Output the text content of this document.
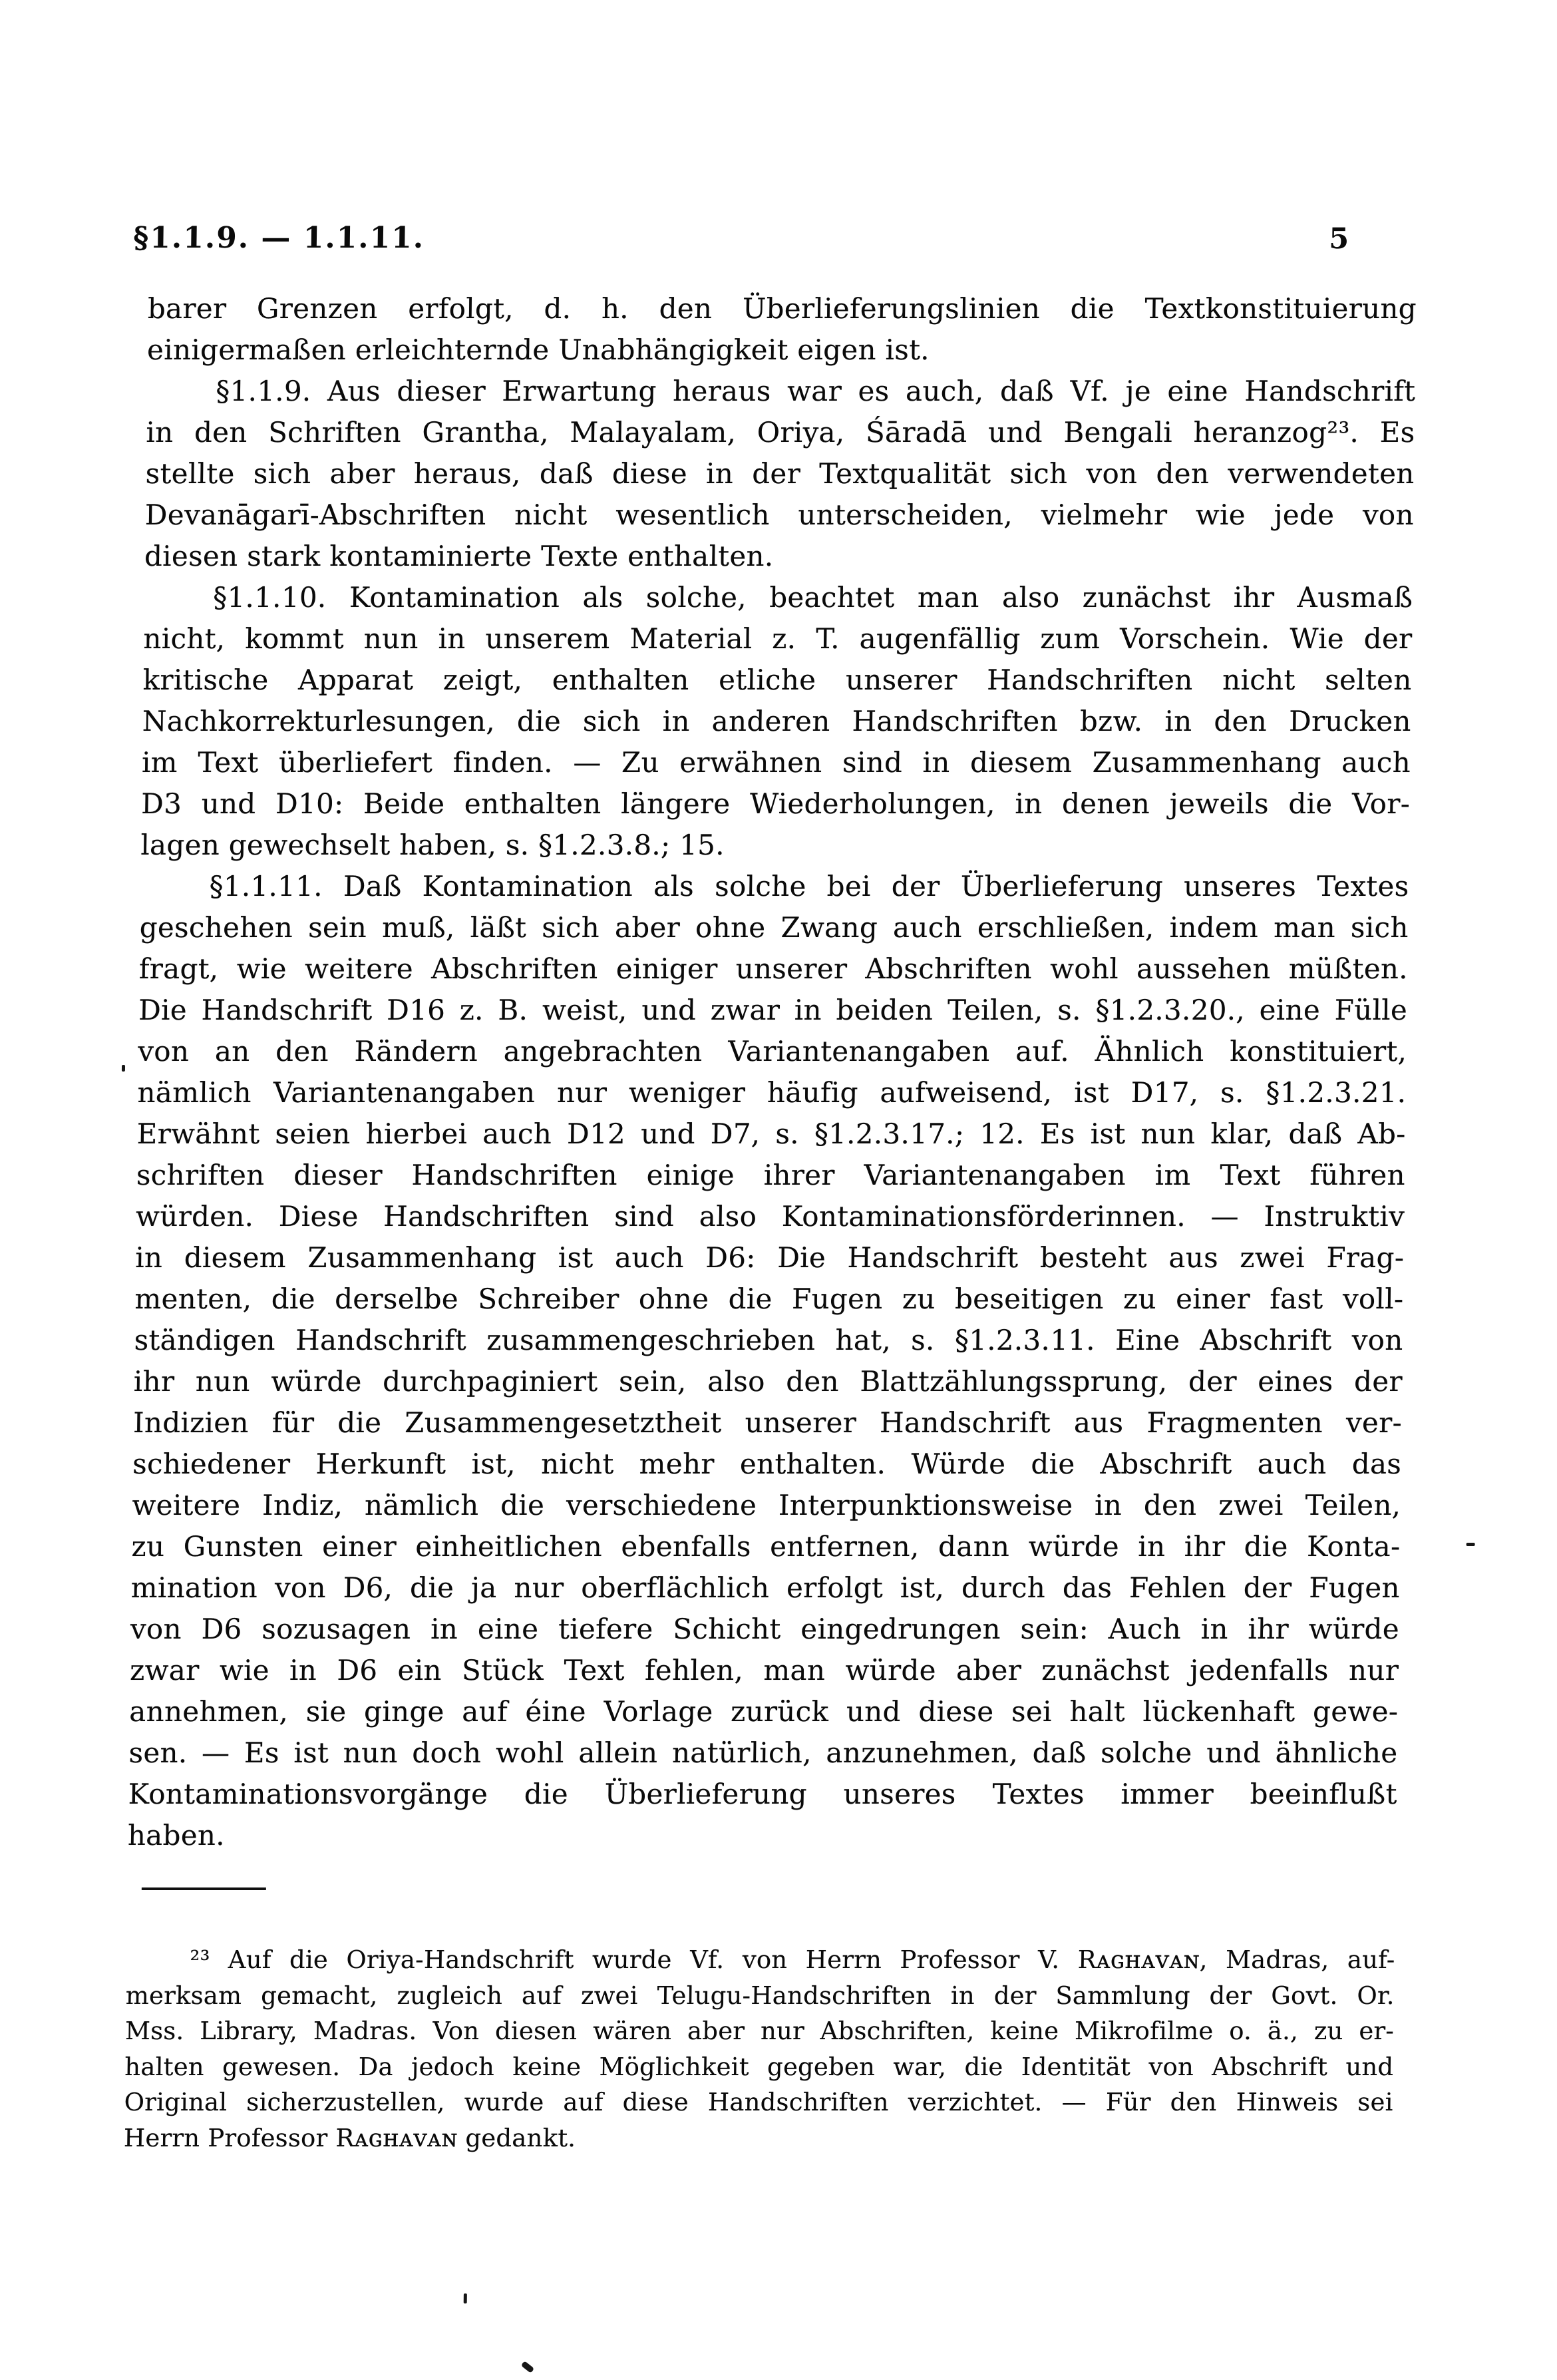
§1.1.9. — 1.1.11.	5
barer Grenzen erfolgt, d. h. den Überlieferungslinien die Textkonstituierung
einigermaßen erleichternde Unabhängigkeit eigen ist.
§1.1.9. Aus dieser Erwartung heraus war es auch, daß Vf. je eine Handschrift
in den Schriften Grantha, Malayalam, Oriya, Śāradā und Bengali heranzog²³. Es
stellte sich aber heraus, daß diese in der Textqualität sich von den verwendeten
Devanāgarī-Abschriften nicht wesentlich unterscheiden, vielmehr wie jede von
diesen stark kontaminierte Texte enthalten.
§1.1.10. Kontamination als solche, beachtet man also zunächst ihr Ausmaß
nicht, kommt nun in unserem Material z. T. augenfällig zum Vorschein. Wie der
kritische Apparat zeigt, enthalten etliche unserer Handschriften nicht selten
Nachkorrekturlesungen, die sich in anderen Handschriften bzw. in den Drucken
im Text überliefert finden. — Zu erwähnen sind in diesem Zusammenhang auch
D3 und D10: Beide enthalten längere Wiederholungen, in denen jeweils die Vor-
lagen gewechselt haben, s. §1.2.3.8.; 15.
§1.1.11. Daß Kontamination als solche bei der Überlieferung unseres Textes
geschehen sein muß, läßt sich aber ohne Zwang auch erschließen, indem man sich
fragt, wie weitere Abschriften einiger unserer Abschriften wohl aussehen müßten.
Die Handschrift D16 z. B. weist, und zwar in beiden Teilen, s. §1.2.3.20., eine Fülle
von an den Rändern angebrachten Variantenangaben auf. Ähnlich konstituiert,
nämlich Variantenangaben nur weniger häufig aufweisend, ist D17, s. §1.2.3.21.
Erwähnt seien hierbei auch D12 und D7, s. §1.2.3.17.; 12. Es ist nun klar, daß Ab-
schriften dieser Handschriften einige ihrer Variantenangaben im Text führen
würden. Diese Handschriften sind also Kontaminationsförderinnen. — Instruktiv
in diesem Zusammenhang ist auch D6: Die Handschrift besteht aus zwei Frag-
menten, die derselbe Schreiber ohne die Fugen zu beseitigen zu einer fast voll-
ständigen Handschrift zusammengeschrieben hat, s. §1.2.3.11. Eine Abschrift von
ihr nun würde durchpaginiert sein, also den Blattzählungssprung, der eines der
Indizien für die Zusammengesetztheit unserer Handschrift aus Fragmenten ver-
schiedener Herkunft ist, nicht mehr enthalten. Würde die Abschrift auch das
weitere Indiz, nämlich die verschiedene Interpunktionsweise in den zwei Teilen,
zu Gunsten einer einheitlichen ebenfalls entfernen, dann würde in ihr die Konta-
mination von D6, die ja nur oberflächlich erfolgt ist, durch das Fehlen der Fugen
von D6 sozusagen in eine tiefere Schicht eingedrungen sein: Auch in ihr würde
zwar wie in D6 ein Stück Text fehlen, man würde aber zunächst jedenfalls nur
annehmen, sie ginge auf éine Vorlage zurück und diese sei halt lückenhaft gewe-
sen. — Es ist nun doch wohl allein natürlich, anzunehmen, daß solche und ähnliche
Kontaminationsvorgänge die Überlieferung unseres Textes immer beeinflußt
haben.
²³ Auf die Oriya-Handschrift wurde Vf. von Herrn Professor V. Rᴀɢʜᴀᴠᴀɴ, Madras, auf-
merksam gemacht, zugleich auf zwei Telugu-Handschriften in der Sammlung der Govt. Or.
Mss. Library, Madras. Von diesen wären aber nur Abschriften, keine Mikrofilme o. ä., zu er-
halten gewesen. Da jedoch keine Möglichkeit gegeben war, die Identität von Abschrift und
Original sicherzustellen, wurde auf diese Handschriften verzichtet. — Für den Hinweis sei
Herrn Professor Rᴀɢʜᴀᴠᴀɴ gedankt.
